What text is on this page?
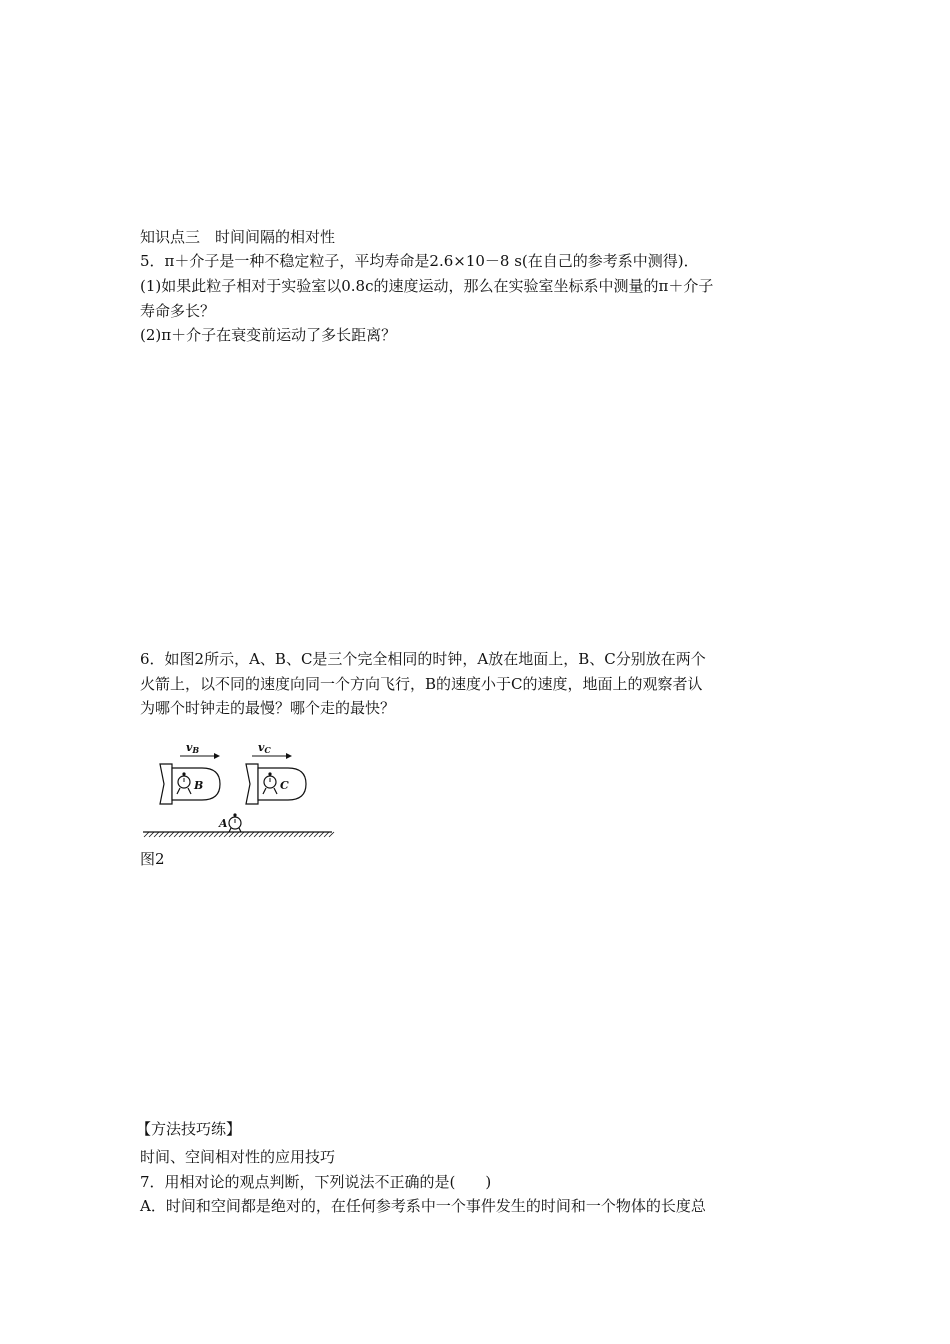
知识点三　时间间隔的相对性
5．π＋介子是一种不稳定粒子，平均寿命是2.6×10－8 s(在自己的参考系中测得)．
(1)如果此粒子相对于实验室以0.8c的速度运动，那么在实验室坐标系中测量的π＋介子
寿命多长？
(2)π＋介子在衰变前运动了多长距离？
6．如图2所示，A、B、C是三个完全相同的时钟，A放在地面上，B、C分别放在两个
火箭上，以不同的速度向同一个方向飞行，B的速度小于C的速度，地面上的观察者认
为哪个时钟走的最慢？哪个走的最快？
vB	vC
B	C
A
图2
【方法技巧练】
时间、空间相对性的应用技巧
7．用相对论的观点判断，下列说法不正确的是(　　)
A．时间和空间都是绝对的，在任何参考系中一个事件发生的时间和一个物体的长度总
